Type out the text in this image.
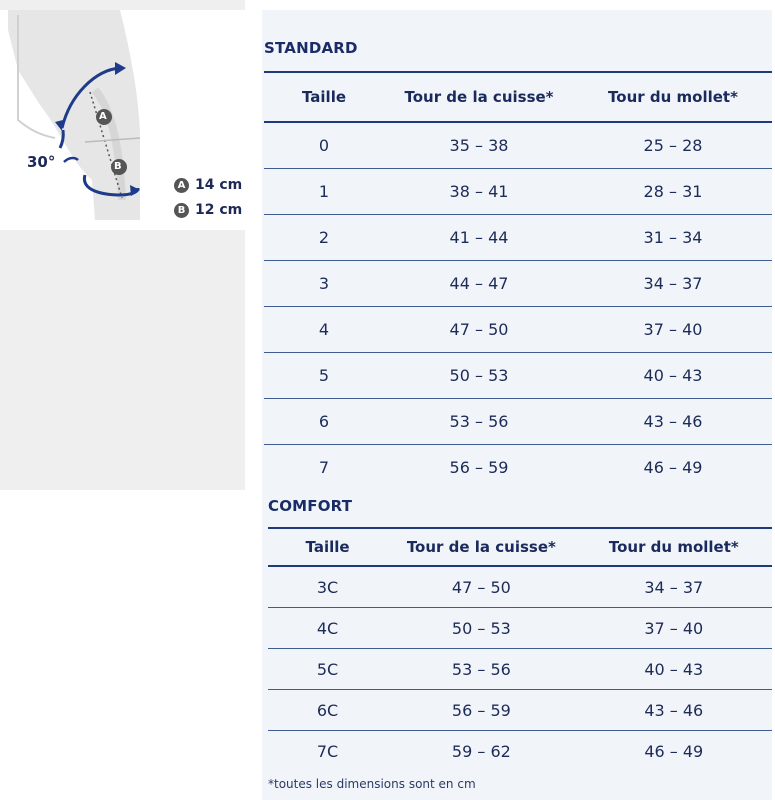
30°
A
B
A 14 cm
B 12 cm
STANDARD
Taille	Tour de la cuisse*	Tour du mollet*
0	35 – 38	25 – 28
1	38 – 41	28 – 31
2	41 – 44	31 – 34
3	44 – 47	34 – 37
4	47 – 50	37 – 40
5	50 – 53	40 – 43
6	53 – 56	43 – 46
7	56 – 59	46 – 49
COMFORT
Taille	Tour de la cuisse*	Tour du mollet*
3C	47 – 50	34 – 37
4C	50 – 53	37 – 40
5C	53 – 56	40 – 43
6C	56 – 59	43 – 46
7C	59 – 62	46 – 49
*toutes les dimensions sont en cm
